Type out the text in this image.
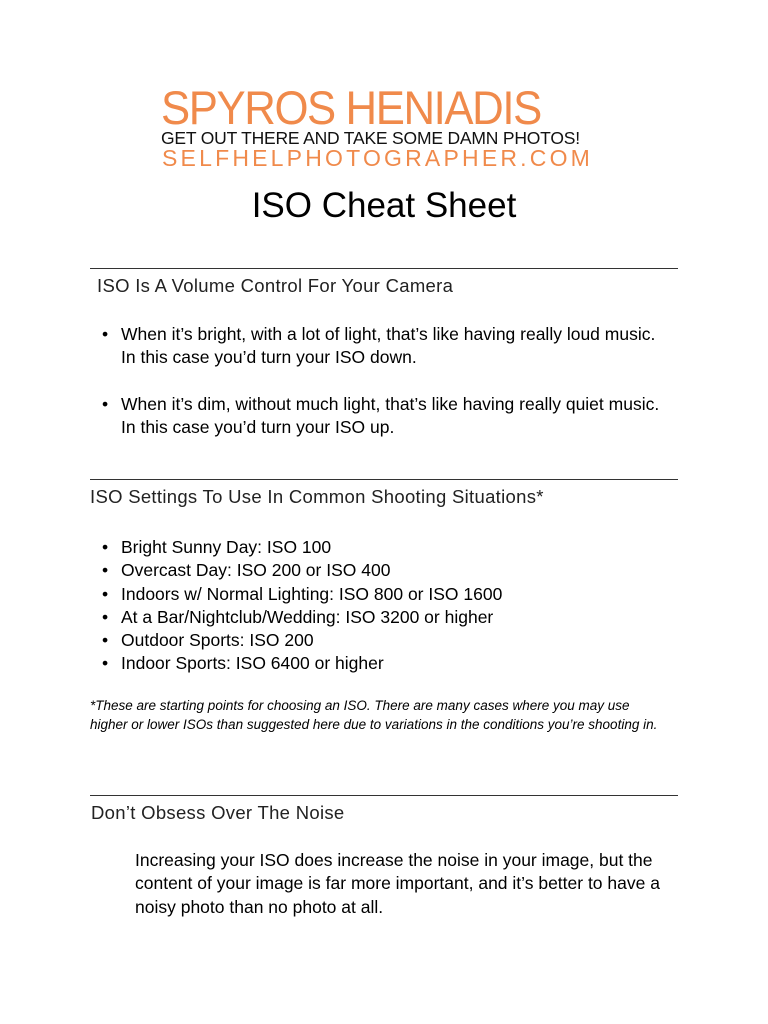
SPYROS HENIADIS
GET OUT THERE AND TAKE SOME DAMN PHOTOS!
SELFHELPHOTOGRAPHER.COM
ISO Cheat Sheet
ISO Is A Volume Control For Your Camera
• When it’s bright, with a lot of light, that’s like having really loud music. In this case you’d turn your ISO down.
• When it’s dim, without much light, that’s like having really quiet music. In this case you’d turn your ISO up.
ISO Settings To Use In Common Shooting Situations*
• Bright Sunny Day: ISO 100
• Overcast Day: ISO 200 or ISO 400
• Indoors w/ Normal Lighting: ISO 800 or ISO 1600
• At a Bar/Nightclub/Wedding: ISO 3200 or higher
• Outdoor Sports: ISO 200
• Indoor Sports: ISO 6400 or higher

*These are starting points for choosing an ISO. There are many cases where you may use higher or lower ISOs than suggested here due to variations in the conditions you’re shooting in.

Don’t Obsess Over The Noise

Increasing your ISO does increase the noise in your image, but the content of your image is far more important, and it’s better to have a noisy photo than no photo at all.
